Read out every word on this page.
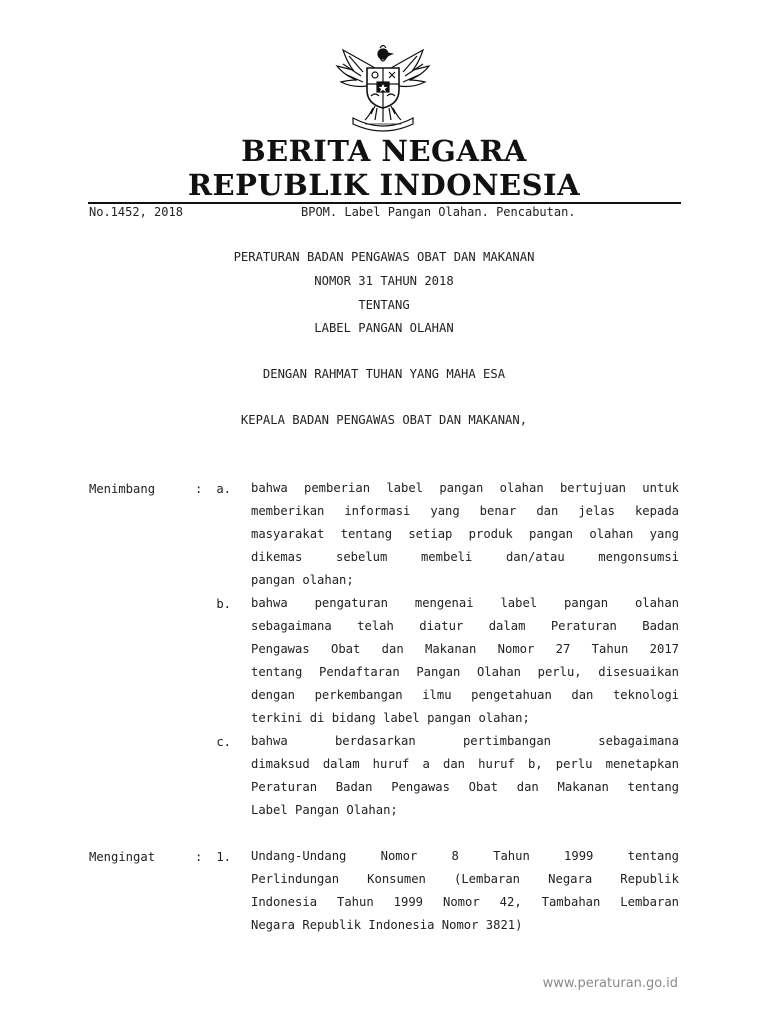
BERITA NEGARA
REPUBLIK INDONESIA
No.1452, 2018	BPOM. Label Pangan Olahan. Pencabutan.
PERATURAN BADAN PENGAWAS OBAT DAN MAKANAN
NOMOR 31 TAHUN 2018
TENTANG
LABEL PANGAN OLAHAN
DENGAN RAHMAT TUHAN YANG MAHA ESA
KEPALA BADAN PENGAWAS OBAT DAN MAKANAN,
Menimbang	:	a. bahwa pemberian label pangan olahan bertujuan untuk
memberikan informasi yang benar dan jelas kepada
masyarakat tentang setiap produk pangan olahan yang
dikemas sebelum membeli dan/atau mengonsumsi
pangan olahan;
b. bahwa pengaturan mengenai label pangan olahan
sebagaimana telah diatur dalam Peraturan Badan
Pengawas Obat dan Makanan Nomor 27 Tahun 2017
tentang Pendaftaran Pangan Olahan perlu, disesuaikan
dengan perkembangan ilmu pengetahuan dan teknologi
terkini di bidang label pangan olahan;
c. bahwa berdasarkan pertimbangan sebagaimana
dimaksud dalam huruf a dan huruf b, perlu menetapkan
Peraturan Badan Pengawas Obat dan Makanan tentang
Label Pangan Olahan;
Mengingat	:	1. Undang-Undang Nomor 8 Tahun 1999 tentang
Perlindungan Konsumen (Lembaran Negara Republik
Indonesia Tahun 1999 Nomor 42, Tambahan Lembaran
Negara Republik Indonesia Nomor 3821)
www.peraturan.go.id
